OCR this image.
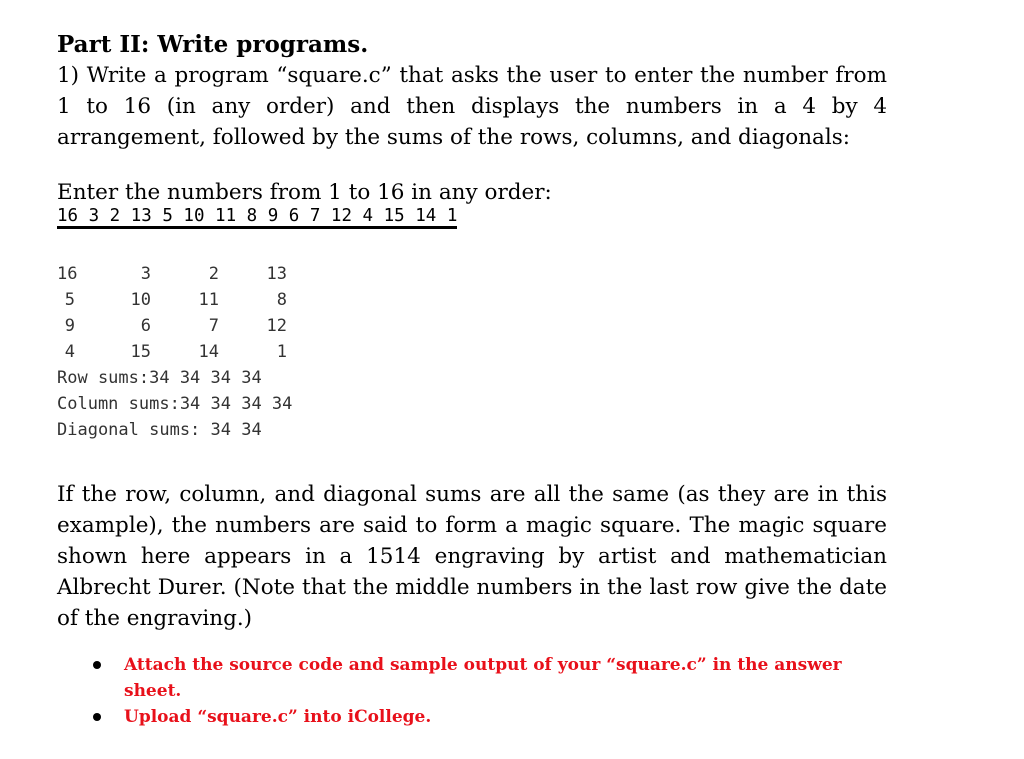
Part II: Write programs.

1) Write a program “square.c” that asks the user to enter the number from 1 to 16 (in any order) and then displays the numbers in a 4 by 4 arrangement, followed by the sums of the rows, columns, and diagonals:

Enter the numbers from 1 to 16 in any order:
16 3 2 13 5 10 11 8 9 6 7 12 4 15 14 1
16	3	2	13
5	10	11	8
9	6	7	12
4	15	14	1
Row sums:34 34 34 34
Column sums:34 34 34 34
Diagonal sums: 34 34

If the row, column, and diagonal sums are all the same (as they are in this example), the numbers are said to form a magic square. The magic square shown here appears in a 1514 engraving by artist and mathematician Albrecht Durer. (Note that the middle numbers in the last row give the date of the engraving.)

Attach the source code and sample output of your “square.c” in the answer sheet.
Upload “square.c” into iCollege.
